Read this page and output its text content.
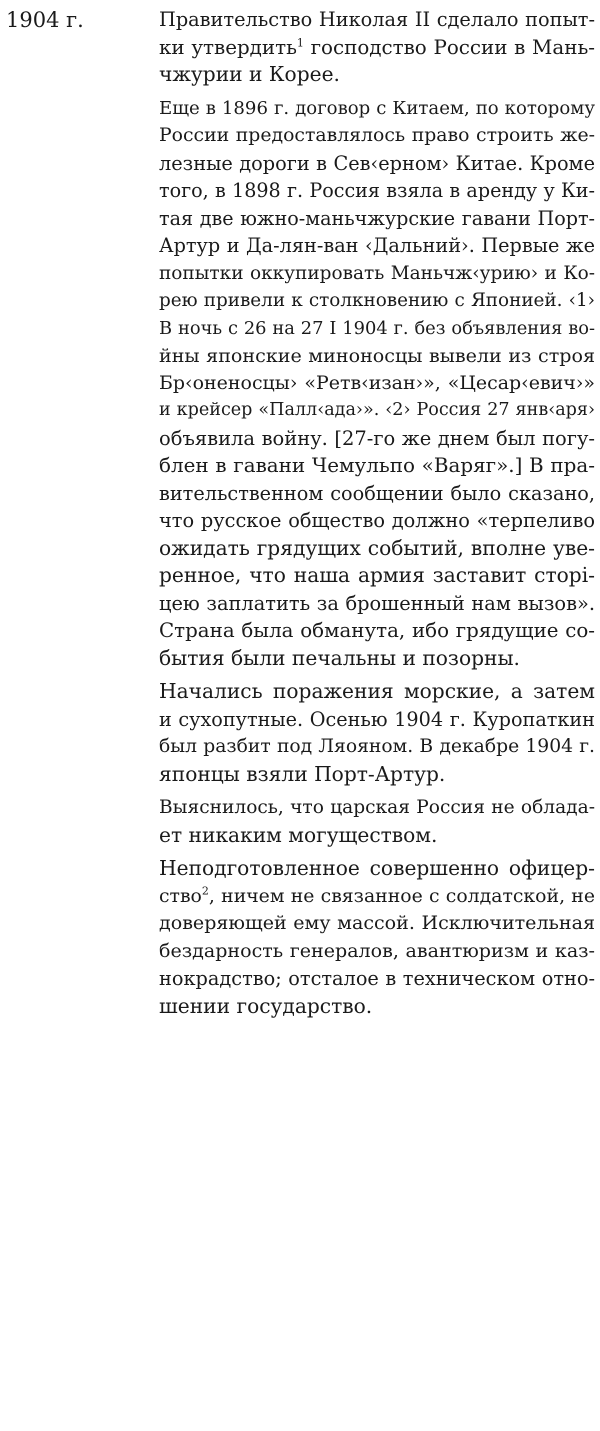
1904 г.	Правительство Николая II сделало попыт-
ки утвердить$^1$ господство России в Мань-
чжурии и Корее.

Еще в 1896 г. договор с Китаем, по которому
России предоставлялось право строить же-
лезные дороги в Сев‹ерном› Китае. Кроме
того, в 1898 г. Россия взяла в аренду у Ки-
тая две южно-маньчжурские гавани Порт-
Артур и Да-лян-ван ‹Дальний›. Первые же
попытки оккупировать Маньчж‹урию› и Ко-
рею привели к столкновению с Японией. ‹1›
В ночь с 26 на 27 I 1904 г. без объявления во-
йны японские миноносцы вывели из строя
Бр‹оненосцы› «Ретв‹изан›», «Цесар‹евич›»
и крейсер «Палл‹ада›». ‹2› Россия 27 янв‹аря›
объявила войну. [27-го же днем был погу-
блен в гавани Чемульпо «Варяг».] В пра-
вительственном сообщении было сказано,
что русское общество должно «терпеливо
ожидать грядущих событий, вполне уве-
ренное, что наша армия заставит сторi-
цею заплатить за брошенный нам вызов».
Страна была обманута, ибо грядущие со-
бытия были печальны и позорны.

Начались поражения морские, а затем
и сухопутные. Осенью 1904 г. Куропаткин
был разбит под Ляояном. В декабре 1904 г.
японцы взяли Порт-Артур.

Выяснилось, что царская Россия не облада-
ет никаким могуществом.

Неподготовленное совершенно офицер-
ство$^2$, ничем не связанное с солдатской, не
доверяющей ему массой. Исключительная
бездарность генералов, авантюризм и каз-
нокрадство; отсталое в техническом отно-
шении государство.
